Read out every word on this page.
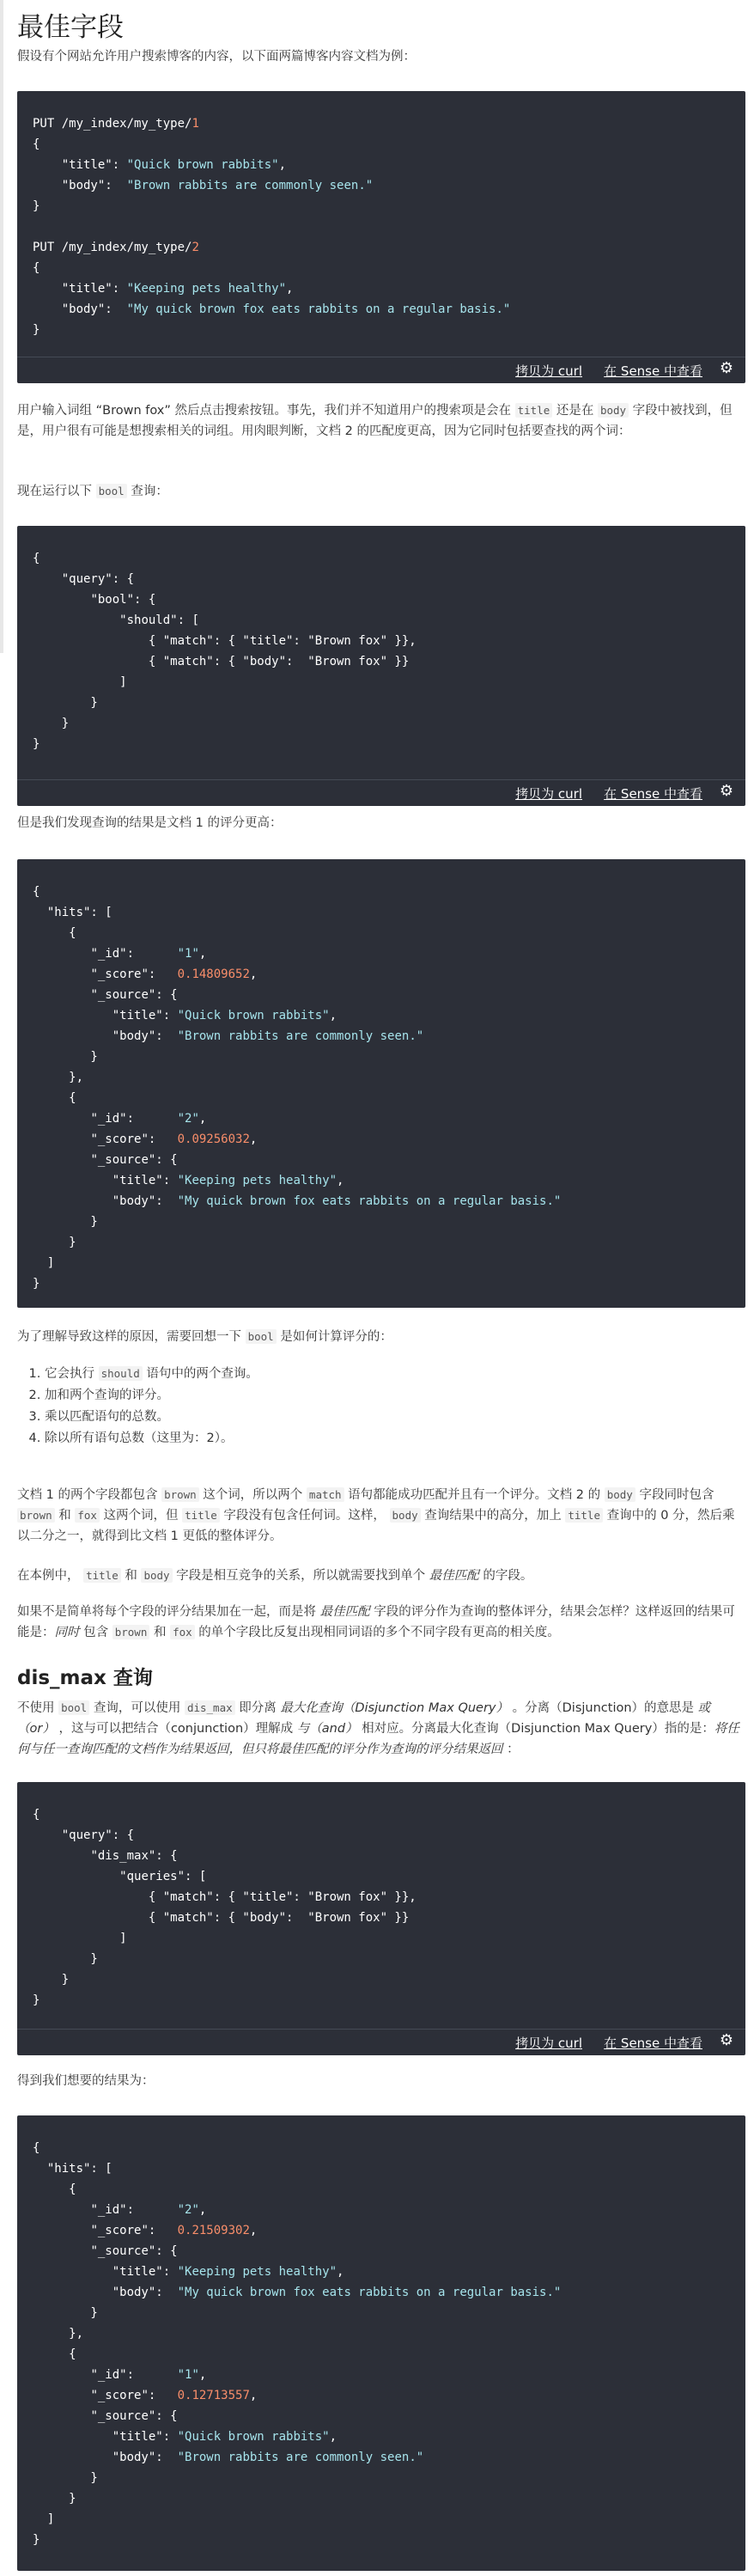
最佳字段

假设有个网站允许用户搜索博客的内容，以下面两篇博客内容文档为例：

PUT /my_index/my_type/1
{
"title": "Quick brown rabbits",
"body": "Brown rabbits are commonly seen."
}

PUT /my_index/my_type/2
{
"title": "Keeping pets healthy",
"body": "My quick brown fox eats rabbits on a regular basis."
}
拷贝为 curl 在 Sense 中查看 ⚙

用户输入词组 “Brown fox” 然后点击搜索按钮。事先，我们并不知道用户的搜索项是会在 title 还是在 body 字段中被找到，但是，用户很有可能是想搜索相关的词组。用肉眼判断，文档 2 的匹配度更高，因为它同时包括要查找的两个词：

现在运行以下 bool 查询：

{
"query": {
"bool": {
"should": [
{ "match": { "title": "Brown fox" }},
{ "match": { "body":  "Brown fox" }}
]
}
}
}
拷贝为 curl 在 Sense 中查看 ⚙

但是我们发现查询的结果是文档 1 的评分更高：

{
"hits": [
{
"_id":	"1",
"_score": 0.14809652,
"_source": {
"title": "Quick brown rabbits",
"body": "Brown rabbits are commonly seen."
}
},
{
"_id":	"2",
"_score": 0.09256032,
"_source": {
"title": "Keeping pets healthy",
"body": "My quick brown fox eats rabbits on a regular basis."
}
}
]
}

为了理解导致这样的原因，需要回想一下 bool 是如何计算评分的：

1. 它会执行 should 语句中的两个查询。
2. 加和两个查询的评分。
3. 乘以匹配语句的总数。
4. 除以所有语句总数（这里为：2）。

文档 1 的两个字段都包含 brown 这个词，所以两个 match 语句都能成功匹配并且有一个评分。文档 2 的 body 字段同时包含 brown 和 fox 这两个词，但 title 字段没有包含任何词。这样， body 查询结果中的高分，加上 title 查询中的 0 分，然后乘以二分之一，就得到比文档 1 更低的整体评分。

在本例中， title 和 body 字段是相互竞争的关系，所以就需要找到单个 最佳匹配 的字段。

如果不是简单将每个字段的评分结果加在一起，而是将 最佳匹配 字段的评分作为查询的整体评分，结果会怎样？这样返回的结果可能是：同时 包含 brown 和 fox 的单个字段比反复出现相同词语的多个不同字段有更高的相关度。

dis_max 查询

不使用 bool 查询，可以使用 dis_max 即分离 最大化查询（Disjunction Max Query） 。分离（Disjunction）的意思是 或（or） ，这与可以把结合（conjunction）理解成 与（and） 相对应。分离最大化查询（Disjunction Max Query）指的是：将任何与任一查询匹配的文档作为结果返回，但只将最佳匹配的评分作为查询的评分结果返回 ：

{
"query": {
"dis_max": {
"queries": [
{ "match": { "title": "Brown fox" }},
{ "match": { "body":  "Brown fox" }}
]
}
}
}
拷贝为 curl 在 Sense 中查看 ⚙

得到我们想要的结果为：

{
"hits": [
{
"_id":	"2",
"_score": 0.21509302,
"_source": {
"title": "Keeping pets healthy",
"body": "My quick brown fox eats rabbits on a regular basis."
}
},
{
"_id":	"1",
"_score": 0.12713557,
"_source": {
"title": "Quick brown rabbits",
"body": "Brown rabbits are commonly seen."
}
}
]
}
